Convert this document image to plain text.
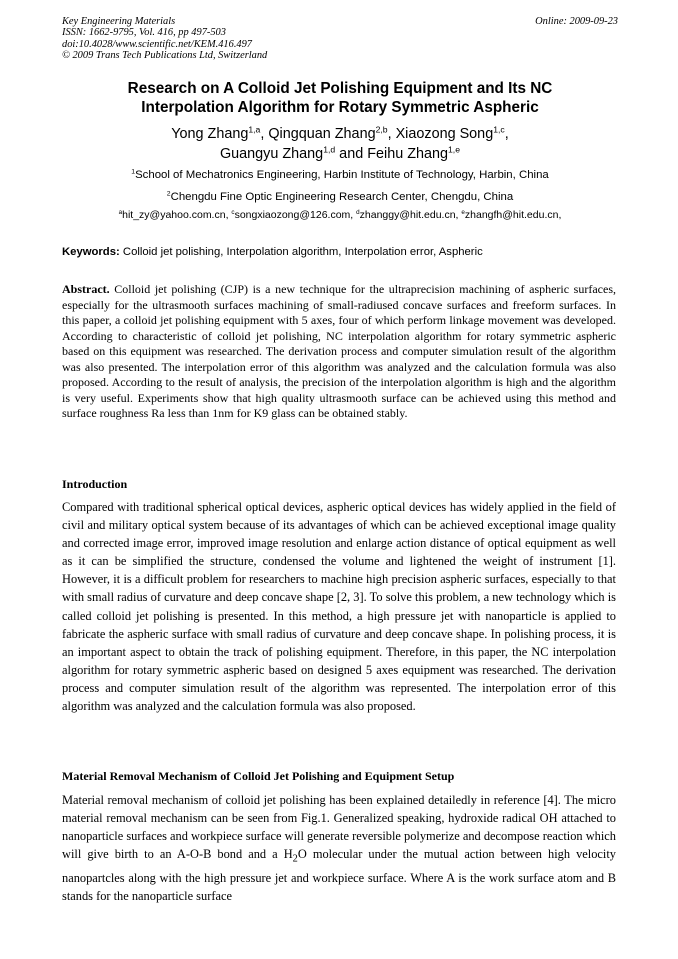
Key Engineering Materials
ISSN: 1662-9795, Vol. 416, pp 497-503
doi:10.4028/www.scientific.net/KEM.416.497
© 2009 Trans Tech Publications Ltd, Switzerland
Online: 2009-09-23
Research on A Colloid Jet Polishing Equipment and Its NC
Interpolation Algorithm for Rotary Symmetric Aspheric
Yong Zhang$^{1,a}$, Qingquan Zhang$^{2,b}$, Xiaozong Song$^{1,c}$,
Guangyu Zhang$^{1,d}$ and Feihu Zhang$^{1,e}$
$^1$School of Mechatronics Engineering, Harbin Institute of Technology, Harbin, China
$^2$Chengdu Fine Optic Engineering Research Center, Chengdu, China
$^a$hit_zy@yahoo.com.cn, $^c$songxiaozong@126.com, $^d$zhanggy@hit.edu.cn, $^e$zhangfh@hit.edu.cn,
Keywords: Colloid jet polishing, Interpolation algorithm, Interpolation error, Aspheric
Abstract. Colloid jet polishing (CJP) is a new technique for the ultraprecision machining of aspheric surfaces, especially for the ultrasmooth surfaces machining of small-radiused concave surfaces and freeform surfaces. In this paper, a colloid jet polishing equipment with 5 axes, four of which perform linkage movement was developed. According to characteristic of colloid jet polishing, NC interpolation algorithm for rotary symmetric aspheric based on this equipment was researched. The derivation process and computer simulation result of the algorithm was also presented. The interpolation error of this algorithm was analyzed and the calculation formula was also proposed. According to the result of analysis, the precision of the interpolation algorithm is high and the algorithm is very useful. Experiments show that high quality ultrasmooth surface can be achieved using this method and surface roughness Ra less than 1nm for K9 glass can be obtained stably.
Introduction
Compared with traditional spherical optical devices, aspheric optical devices has widely applied in the field of civil and military optical system because of its advantages of which can be achieved exceptional image quality and corrected image error, improved image resolution and enlarge action distance of optical equipment as well as it can be simplified the structure, condensed the volume and lightened the weight of instrument [1]. However, it is a difficult problem for researchers to machine high precision aspheric surfaces, especially to that with small radius of curvature and deep concave shape [2, 3]. To solve this problem, a new technology which is called colloid jet polishing is presented. In this method, a high pressure jet with nanoparticle is applied to fabricate the aspheric surface with small radius of curvature and deep concave shape. In polishing process, it is an important aspect to obtain the track of polishing equipment. Therefore, in this paper, the NC interpolation algorithm for rotary symmetric aspheric based on designed 5 axes equipment was researched. The derivation process and computer simulation result of the algorithm was represented. The interpolation error of this algorithm was analyzed and the calculation formula was also proposed.
Material Removal Mechanism of Colloid Jet Polishing and Equipment Setup
Material removal mechanism of colloid jet polishing has been explained detailedly in reference [4]. The micro material removal mechanism can be seen from Fig.1. Generalized speaking, hydroxide radical OH attached to nanoparticle surfaces and workpiece surface will generate reversible polymerize and decompose reaction which will give birth to an A-O-B bond and a $H_2O$ molecular under the mutual action between high velocity nanopartcles along with the high pressure jet and workpiece surface. Where A is the work surface atom and B stands for the nanoparticle surface
